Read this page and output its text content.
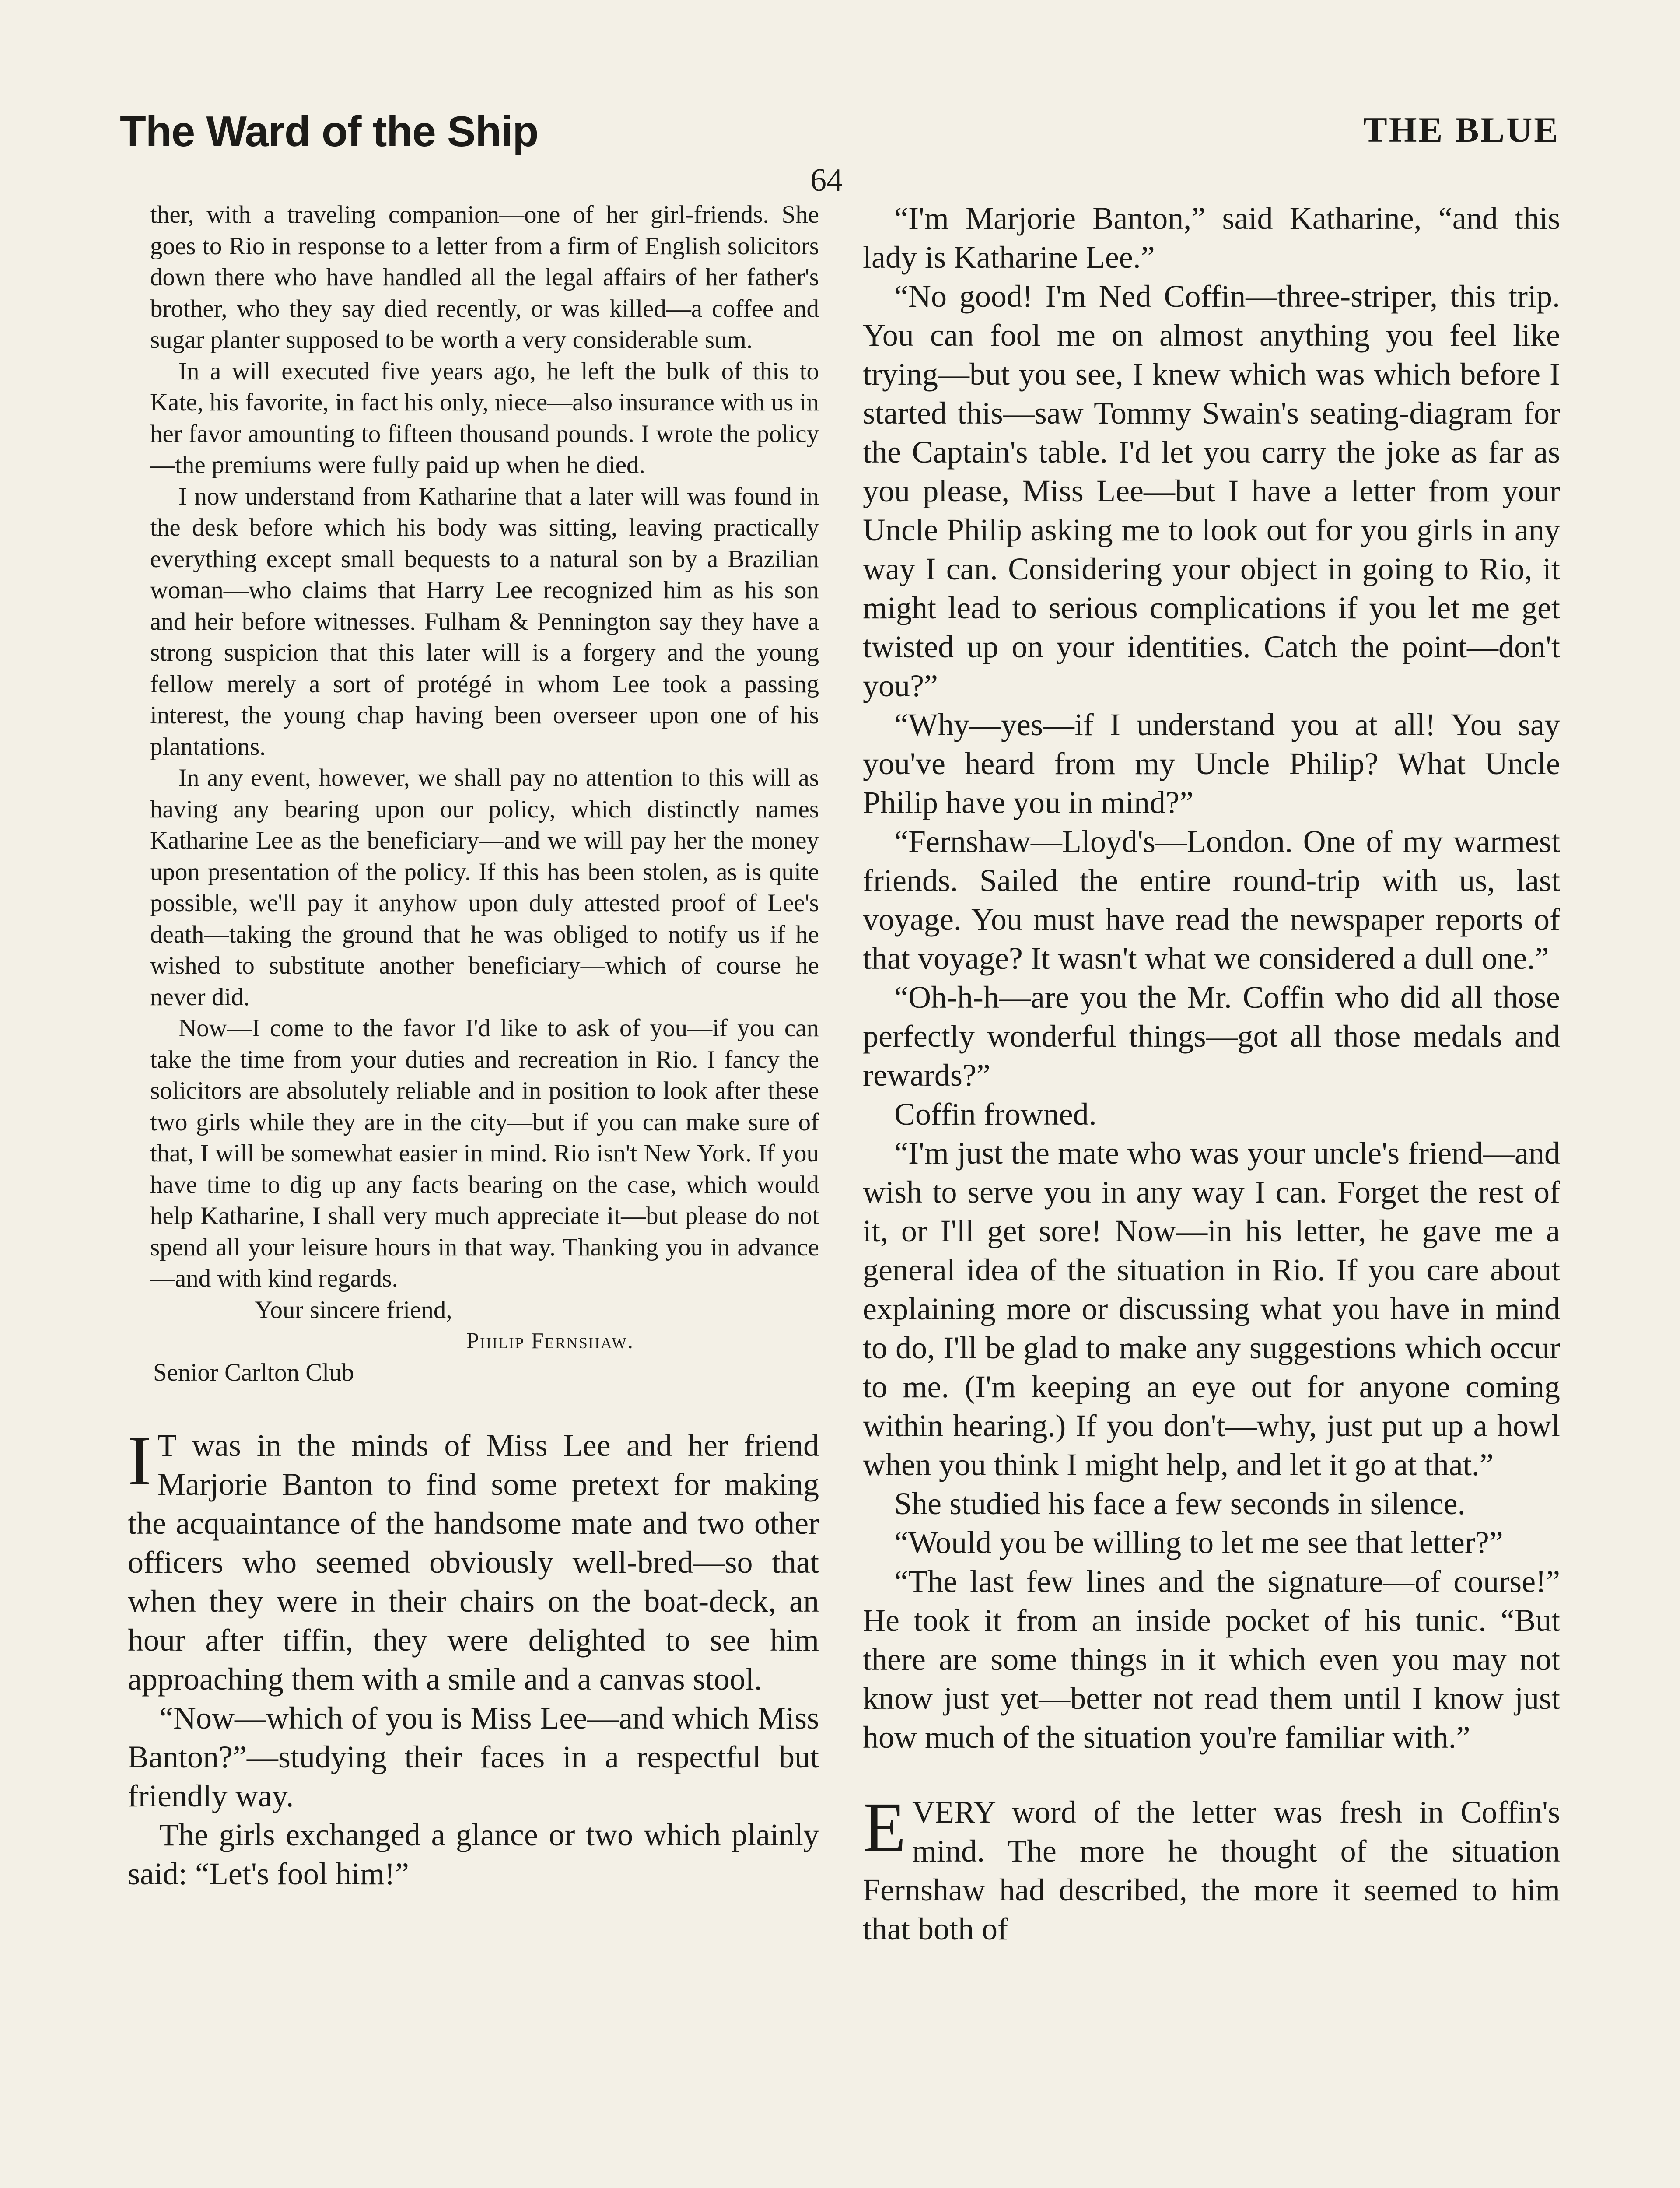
The Ward of the Ship	THE BLUE
64

ther, with a traveling companion—one of her girl-friends. She goes to Rio in response to a letter from a firm of English solicitors down there who have handled all the legal affairs of her father's brother, who they say died recently, or was killed—a coffee and sugar planter supposed to be worth a very considerable sum.

In a will executed five years ago, he left the bulk of this to Kate, his favorite, in fact his only, niece—also insurance with us in her favor amounting to fifteen thousand pounds. I wrote the policy—the premiums were fully paid up when he died.

I now understand from Katharine that a later will was found in the desk before which his body was sitting, leaving practically everything except small bequests to a natural son by a Brazilian woman—who claims that Harry Lee recognized him as his son and heir before witnesses. Fulham & Pennington say they have a strong suspicion that this later will is a forgery and the young fellow merely a sort of protégé in whom Lee took a passing interest, the young chap having been overseer upon one of his plantations.

In any event, however, we shall pay no attention to this will as having any bearing upon our policy, which distinctly names Katharine Lee as the beneficiary—and we will pay her the money upon presentation of the policy. If this has been stolen, as is quite possible, we'll pay it anyhow upon duly attested proof of Lee's death—taking the ground that he was obliged to notify us if he wished to substitute another beneficiary—which of course he never did.

Now—I come to the favor I'd like to ask of you—if you can take the time from your duties and recreation in Rio. I fancy the solicitors are absolutely reliable and in position to look after these two girls while they are in the city—but if you can make sure of that, I will be somewhat easier in mind. Rio isn't New York. If you have time to dig up any facts bearing on the case, which would help Katharine, I shall very much appreciate it—but please do not spend all your leisure hours in that way. Thanking you in advance—and with kind regards.

Your sincere friend,

Philip Fernshaw.

Senior Carlton Club

I T was in the minds of Miss Lee and her friend Marjorie Banton to find some pretext for making the acquaintance of the handsome mate and two other officers who seemed obviously well-bred—so that when they were in their chairs on the boat-deck, an hour after tiffin, they were delighted to see him approaching them with a smile and a canvas stool.

“Now—which of you is Miss Lee—and which Miss Banton?”—studying their faces in a respectful but friendly way.

The girls exchanged a glance or two which plainly said: “Let's fool him!”

“I'm Marjorie Banton,” said Katharine, “and this lady is Katharine Lee.”

“No good! I'm Ned Coffin—three-striper, this trip. You can fool me on almost anything you feel like trying—but you see, I knew which was which before I started this—saw Tommy Swain's seating-diagram for the Captain's table. I'd let you carry the joke as far as you please, Miss Lee—but I have a letter from your Uncle Philip asking me to look out for you girls in any way I can. Considering your object in going to Rio, it might lead to serious complications if you let me get twisted up on your identities. Catch the point—don't you?”

“Why—yes—if I understand you at all! You say you've heard from my Uncle Philip? What Uncle Philip have you in mind?”

“Fernshaw—Lloyd's—London. One of my warmest friends. Sailed the entire round-trip with us, last voyage. You must have read the newspaper reports of that voyage? It wasn't what we considered a dull one.”

“Oh-h-h—are you the Mr. Coffin who did all those perfectly wonderful things—got all those medals and rewards?”

Coffin frowned.

“I'm just the mate who was your uncle's friend—and wish to serve you in any way I can. Forget the rest of it, or I'll get sore! Now—in his letter, he gave me a general idea of the situation in Rio. If you care about explaining more or discussing what you have in mind to do, I'll be glad to make any suggestions which occur to me. (I'm keeping an eye out for anyone coming within hearing.) If you don't—why, just put up a howl when you think I might help, and let it go at that.”

She studied his face a few seconds in silence.

“Would you be willing to let me see that letter?”

“The last few lines and the signature—of course!” He took it from an inside pocket of his tunic. “But there are some things in it which even you may not know just yet—better not read them until I know just how much of the situation you're familiar with.”

EVERY word of the letter was fresh in Coffin's mind. The more he thought of the situation Fernshaw had described, the more it seemed to him that both of
